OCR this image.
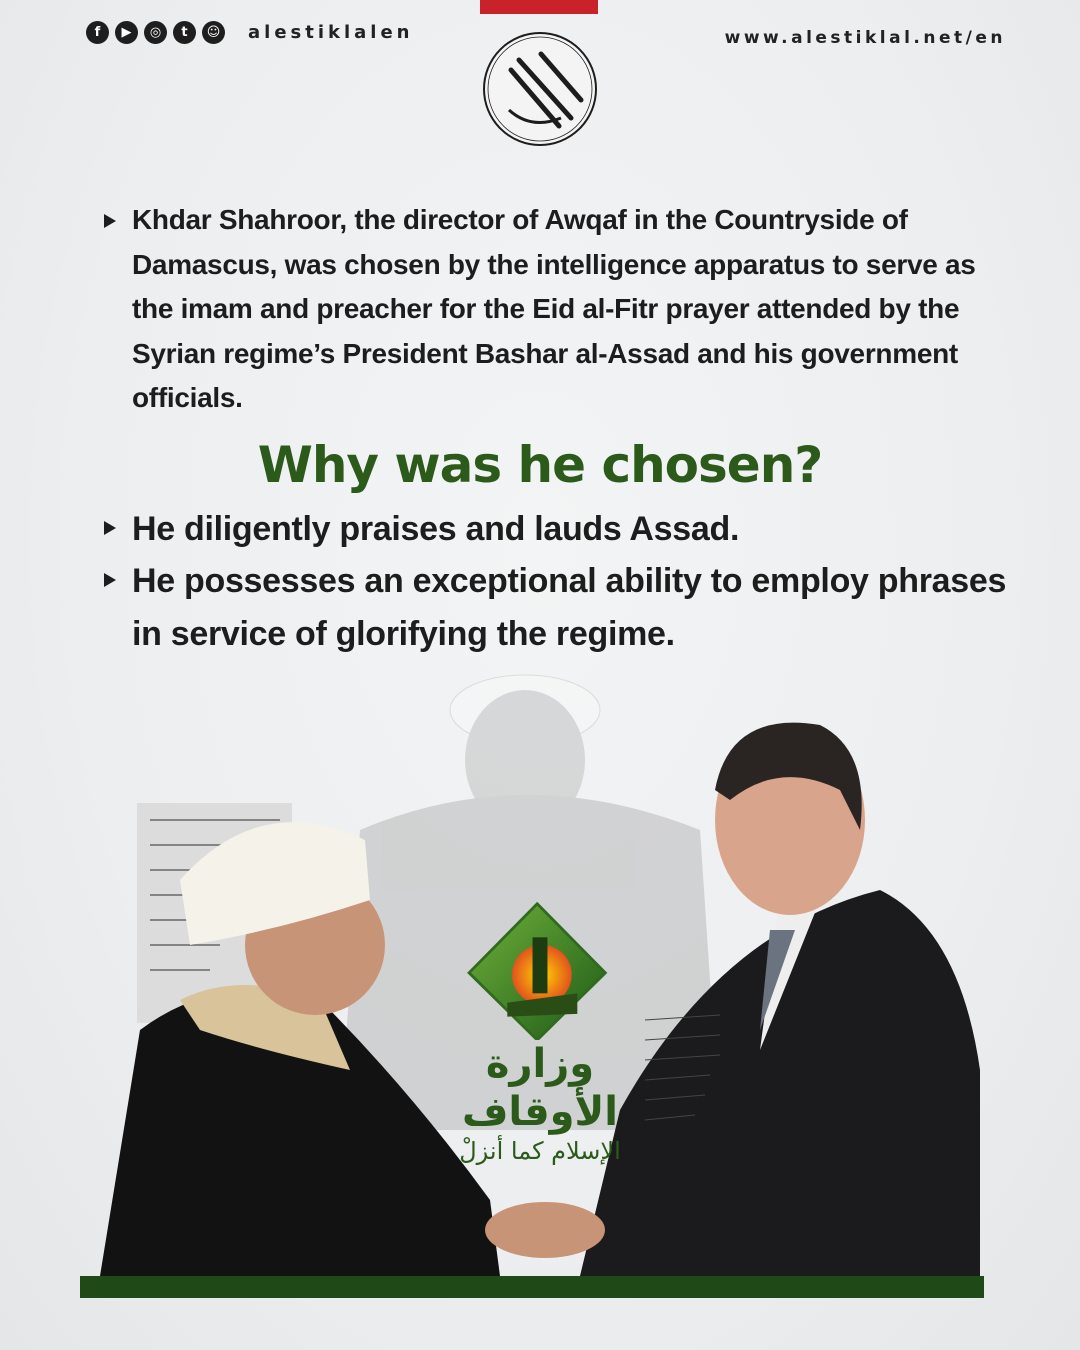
f	▶	◎	t	☺ alestiklalen	www.alestiklal.net/en
وزارة الأوقاف
الإسلام كما أنزلْ
Khdar Shahroor, the director of Awqaf in the Countryside of Damascus, was chosen by the intelligence apparatus to serve as the imam and preacher for the Eid al-Fitr prayer attended by the Syrian regime’s President Bashar al-Assad and his government officials.
Why was he chosen?
He diligently praises and lauds Assad.
He possesses an exceptional ability to employ phrases in service of glorifying the regime.
